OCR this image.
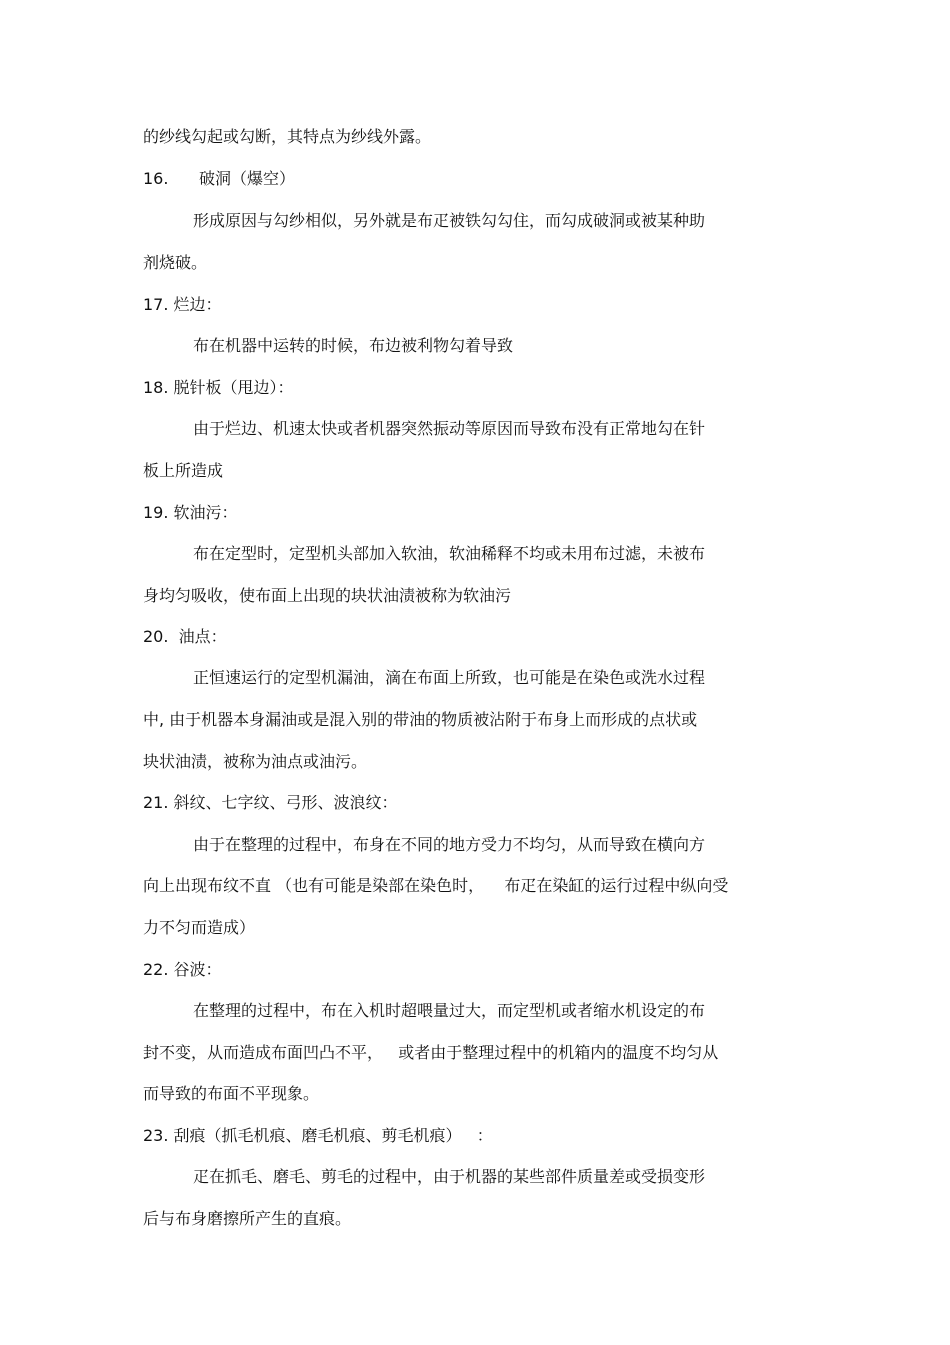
的纱线勾起或勾断，其特点为纱线外露。
16.      破洞（爆空）
形成原因与勾纱相似，另外就是布疋被铁勾勾住，而勾成破洞或被某种助
剂烧破。
17. 烂边：
布在机器中运转的时候，布边被利物勾着导致
18. 脱针板（甩边）：
由于烂边、机速太快或者机器突然振动等原因而导致布没有正常地勾在针
板上所造成
19. 软油污：
布在定型时，定型机头部加入软油，软油稀释不均或未用布过滤，未被布
身均匀吸收，使布面上出现的块状油渍被称为软油污
20.  油点：
正恒速运行的定型机漏油，滴在布面上所致，也可能是在染色或洗水过程
中, 由于机器本身漏油或是混入别的带油的物质被沾附于布身上而形成的点状或
块状油渍，被称为油点或油污。
21. 斜纹、七字纹、弓形、波浪纹：
由于在整理的过程中，布身在不同的地方受力不均匀，从而导致在横向方
向上出现布纹不直 （也有可能是染部在染色时，    布疋在染缸的运行过程中纵向受
力不匀而造成）
22. 谷波：
在整理的过程中，布在入机时超喂量过大，而定型机或者缩水机设定的布
封不变，从而造成布面凹凸不平，   或者由于整理过程中的机箱内的温度不均匀从
而导致的布面不平现象。
23. 刮痕（抓毛机痕、磨毛机痕、剪毛机痕）   ：
疋在抓毛、磨毛、剪毛的过程中，由于机器的某些部件质量差或受损变形
后与布身磨擦所产生的直痕。
